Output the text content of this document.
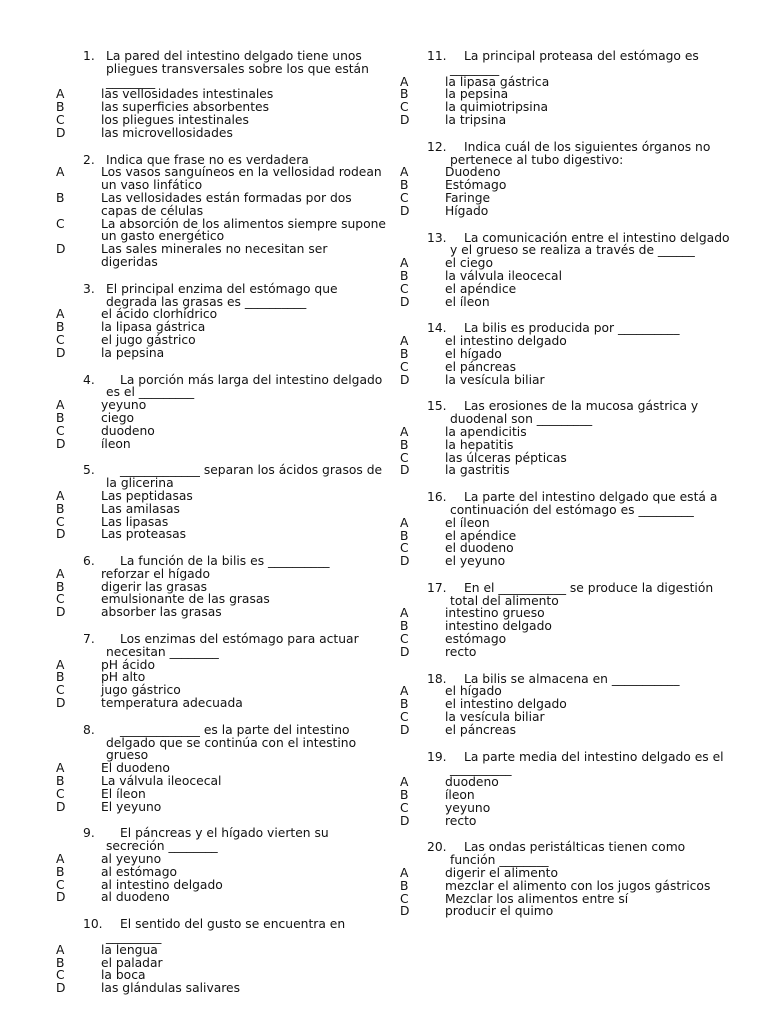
1. La pared del intestino delgado tiene unos pliegues transversales sobre los que están ________
A	las vellosidades intestinales
B	las superficies absorbentes
C	los pliegues intestinales
D	las microvellosidades
2. Indica que frase no es verdadera
A	Los vasos sanguíneos en la vellosidad rodean un vaso linfático
B	Las vellosidades están formadas por dos capas de células
C	La absorción de los alimentos siempre supone un gasto energético
D	Las sales minerales no necesitan ser digeridas
3. El principal enzima del estómago que degrada las grasas es __________
A	el ácido clorhídrico
B	la lipasa gástrica
C	el jugo gástrico
D	la pepsina
4. La porción más larga del intestino delgado es el _________
A	yeyuno
B	ciego
C	duodeno
D	íleon
5. _____________ separan los ácidos grasos de la glicerina
A	Las peptidasas
B	Las amilasas
C	Las lipasas
D	Las proteasas
6. La función de la bilis es __________
A	reforzar el hígado
B	digerir las grasas
C	emulsionante de las grasas
D	absorber las grasas
7. Los enzimas del estómago para actuar necesitan ________
A	pH ácido
B	pH alto
C	jugo gástrico
D	temperatura adecuada
8. _____________ es la parte del intestino delgado que se continúa con el intestino grueso
A	El duodeno
B	La válvula ileocecal
C	El íleon
D	El yeyuno
9. El páncreas y el hígado vierten su secreción ________
A	al yeyuno
B	al estómago
C	al intestino delgado
D	al duodeno
10. El sentido del gusto se encuentra en _________
A	la lengua
B	el paladar
C	la boca
D	las glándulas salivares
11. La principal proteasa del estómago es ________
A	la lipasa gástrica
B	la pepsina
C	la quimiotripsina
D	la tripsina
12. Indica cuál de los siguientes órganos no pertenece al tubo digestivo:
A	Duodeno
B	Estómago
C	Faringe
D	Hígado
13. La comunicación entre el intestino delgado y el grueso se realiza a través de ______
A	el ciego
B	la válvula ileocecal
C	el apéndice
D	el íleon
14. La bilis es producida por __________
A	el intestino delgado
B	el hígado
C	el páncreas
D	la vesícula biliar
15. Las erosiones de la mucosa gástrica y duodenal son _________
A	la apendicitis
B	la hepatitis
C	las úlceras pépticas
D	la gastritis
16. La parte del intestino delgado que está a continuación del estómago es _________
A	el íleon
B	el apéndice
C	el duodeno
D	el yeyuno
17. En el ___________ se produce la digestión total del alimento
A	intestino grueso
B	intestino delgado
C	estómago
D	recto
18. La bilis se almacena en ___________
A	el hígado
B	el intestino delgado
C	la vesícula biliar
D	el páncreas
19. La parte media del intestino delgado es el __________
A	duodeno
B	íleon
C	yeyuno
D	recto
20. Las ondas peristálticas tienen como función ________
A	digerir el alimento
B	mezclar el alimento con los jugos gástricos
C	Mezclar los alimentos entre sí
D	producir el quimo
